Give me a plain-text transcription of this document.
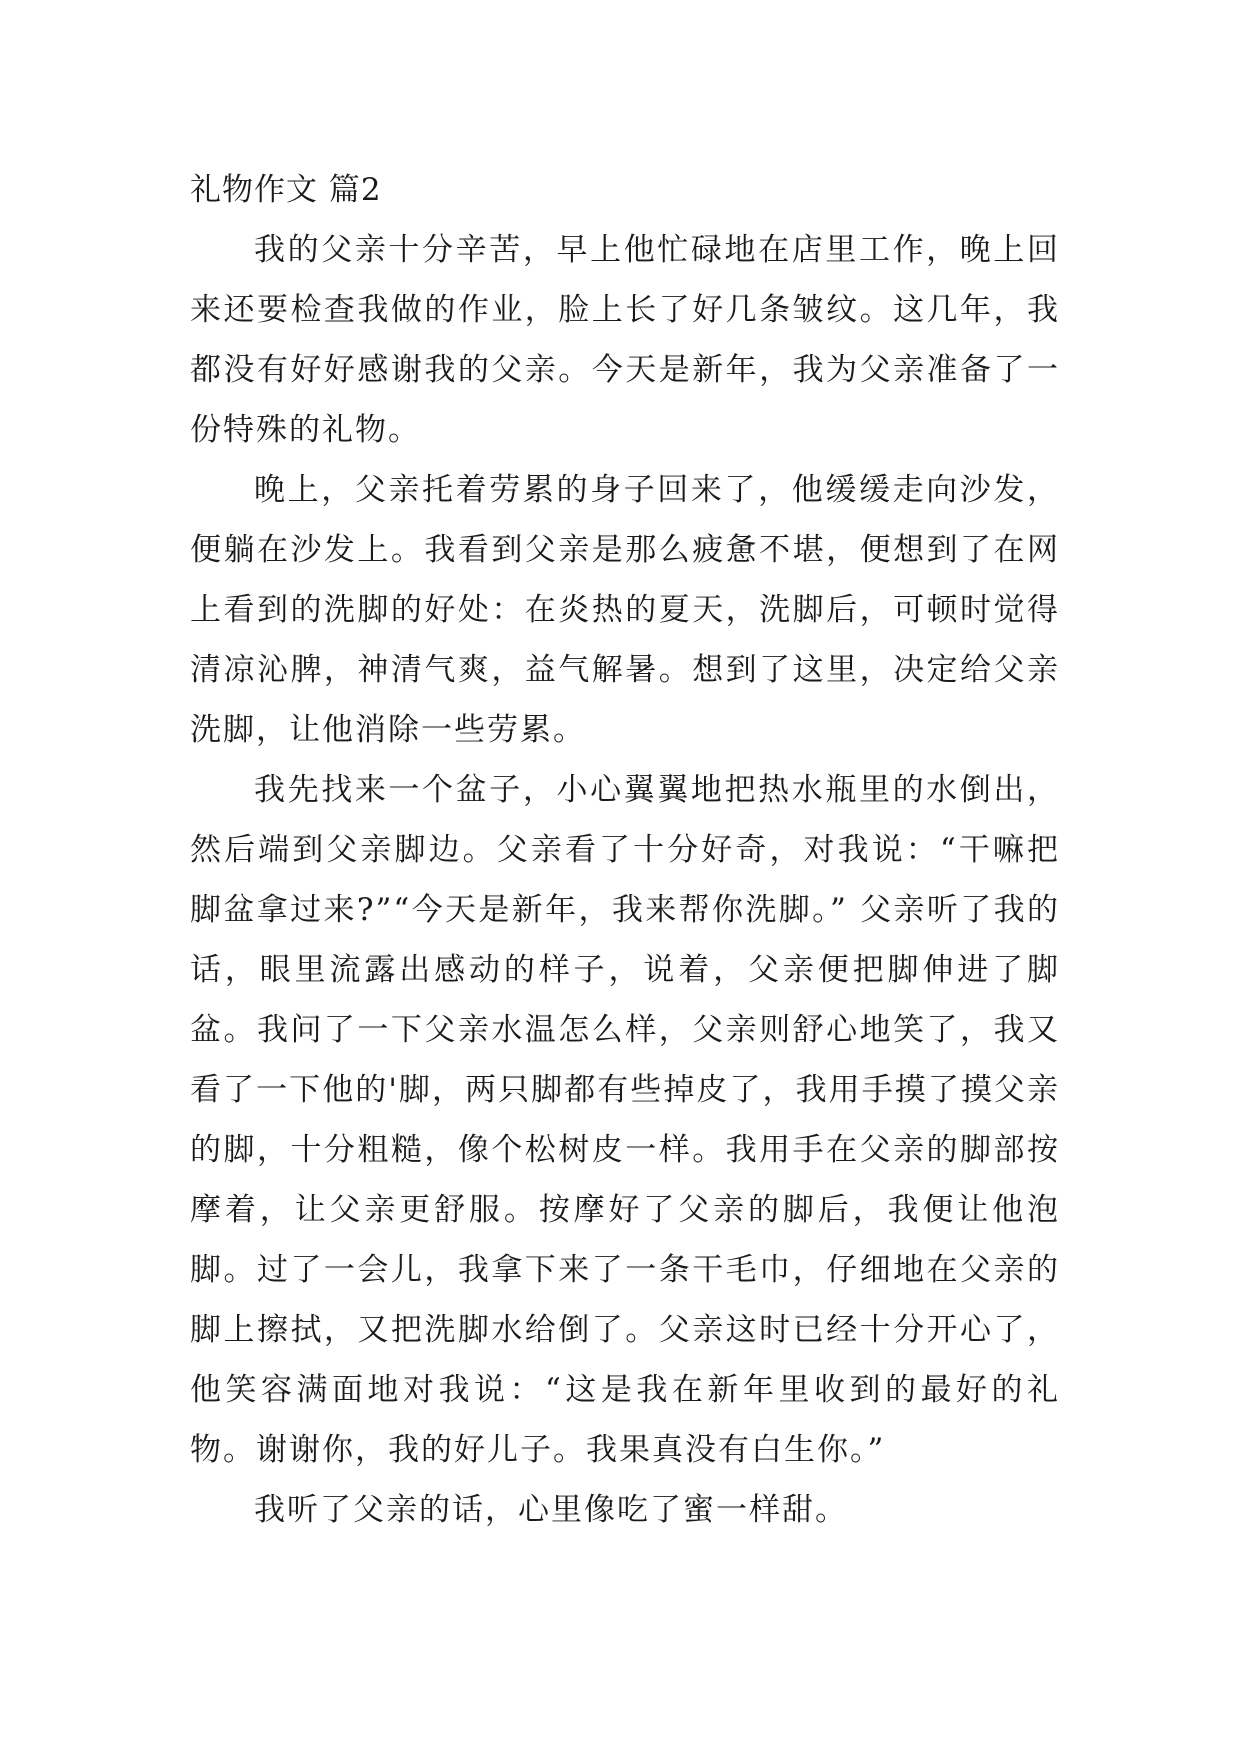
礼物作文 篇2

我的父亲十分辛苦，早上他忙碌地在店里工作，晚上回来还要检查我做的作业，脸上长了好几条皱纹。这几年，我都没有好好感谢我的父亲。今天是新年，我为父亲准备了一份特殊的礼物。

晚上，父亲托着劳累的身子回来了，他缓缓走向沙发，便躺在沙发上。我看到父亲是那么疲惫不堪，便想到了在网上看到的洗脚的好处：在炎热的夏天，洗脚后，可顿时觉得清凉沁脾，神清气爽，益气解暑。想到了这里，决定给父亲洗脚，让他消除一些劳累。

我先找来一个盆子，小心翼翼地把热水瓶里的水倒出，然后端到父亲脚边。父亲看了十分好奇，对我说：“干嘛把脚盆拿过来?”“今天是新年，我来帮你洗脚。” 父亲听了我的话，眼里流露出感动的样子，说着，父亲便把脚伸进了脚盆。我问了一下父亲水温怎么样，父亲则舒心地笑了，我又看了一下他的'脚，两只脚都有些掉皮了，我用手摸了摸父亲的脚，十分粗糙，像个松树皮一样。我用手在父亲的脚部按摩着，让父亲更舒服。按摩好了父亲的脚后，我便让他泡脚。过了一会儿，我拿下来了一条干毛巾，仔细地在父亲的脚上擦拭，又把洗脚水给倒了。父亲这时已经十分开心了，他笑容满面地对我说：“这是我在新年里收到的最好的礼物。谢谢你，我的好儿子。我果真没有白生你。”

我听了父亲的话，心里像吃了蜜一样甜。
